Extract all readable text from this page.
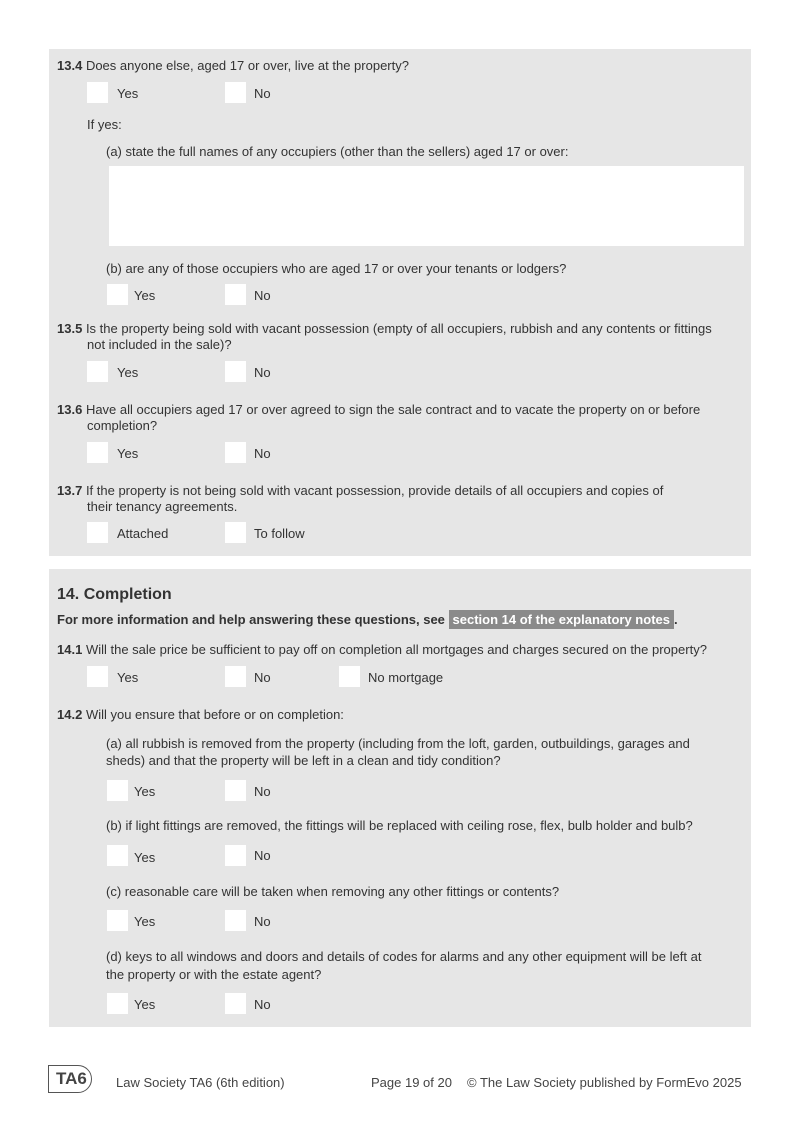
13.4 Does anyone else, aged 17 or over, live at the property?
Yes	No
If yes:
(a) state the full names of any occupiers (other than the sellers) aged 17 or over:
(b) are any of those occupiers who are aged 17 or over your tenants or lodgers?
Yes	No
13.5 Is the property being sold with vacant possession (empty of all occupiers, rubbish and any contents or fittings
not included in the sale)?
Yes	No
13.6 Have all occupiers aged 17 or over agreed to sign the sale contract and to vacate the property on or before
completion?
Yes	No
13.7 If the property is not being sold with vacant possession, provide details of all occupiers and copies of
their tenancy agreements.
Attached	To follow
14. Completion
For more information and help answering these questions, see section 14 of the explanatory notes .
14.1 Will the sale price be sufficient to pay off on completion all mortgages and charges secured on the property?
Yes	No	No mortgage
14.2 Will you ensure that before or on completion:
(a) all rubbish is removed from the property (including from the loft, garden, outbuildings, garages and
sheds) and that the property will be left in a clean and tidy condition?
Yes	No
(b) if light fittings are removed, the fittings will be replaced with ceiling rose, flex, bulb holder and bulb?
Yes	No
(c) reasonable care will be taken when removing any other fittings or contents?
Yes	No
(d) keys to all windows and doors and details of codes for alarms and any other equipment will be left at
the property or with the estate agent?
Yes	No
TA6	Law Society TA6 (6th edition)	Page 19 of 20 © The Law Society published by FormEvo 2025
